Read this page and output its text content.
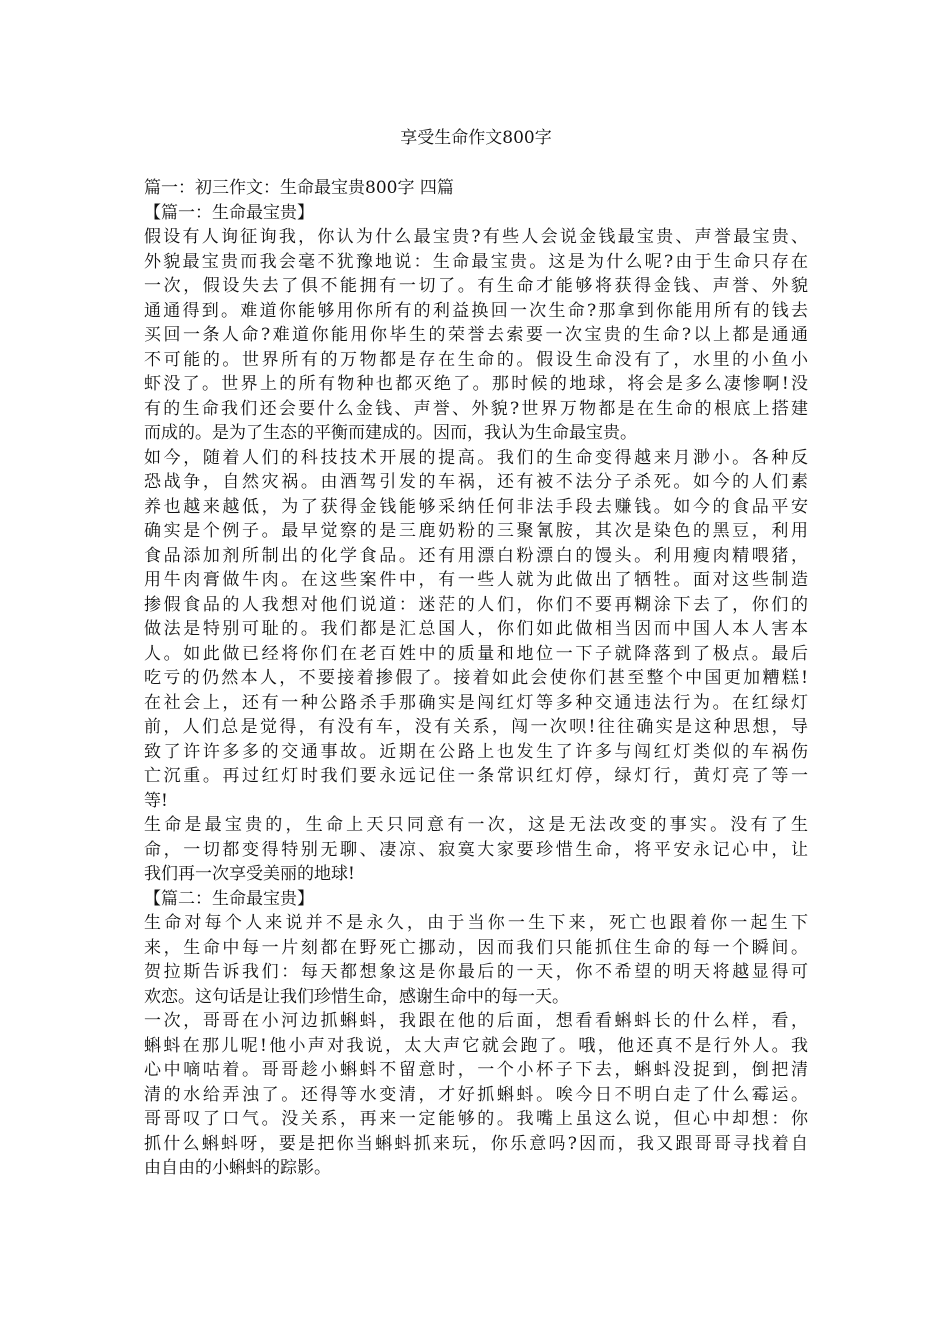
享受生命作文800字
篇一：初三作文：生命最宝贵800字 四篇
【篇一：生命最宝贵】
假设有人询征询我，你认为什么最宝贵?有些人会说金钱最宝贵、声誉最宝贵、
外貌最宝贵而我会毫不犹豫地说：生命最宝贵。这是为什么呢?由于生命只存在
一次，假设失去了俱不能拥有一切了。有生命才能够将获得金钱、声誉、外貌
通通得到。难道你能够用你所有的利益换回一次生命?那拿到你能用所有的钱去
买回一条人命?难道你能用你毕生的荣誉去索要一次宝贵的生命?以上都是通通
不可能的。世界所有的万物都是存在生命的。假设生命没有了，水里的小鱼小
虾没了。世界上的所有物种也都灭绝了。那时候的地球，将会是多么凄惨啊!没
有的生命我们还会要什么金钱、声誉、外貌?世界万物都是在生命的根底上搭建
而成的。是为了生态的平衡而建成的。因而，我认为生命最宝贵。
如今，随着人们的科技技术开展的提高。我们的生命变得越来月渺小。各种反
恐战争，自然灾祸。由酒驾引发的车祸，还有被不法分子杀死。如今的人们素
养也越来越低，为了获得金钱能够采纳任何非法手段去赚钱。如今的食品平安
确实是个例子。最早觉察的是三鹿奶粉的三聚氰胺，其次是染色的黑豆，利用
食品添加剂所制出的化学食品。还有用漂白粉漂白的馒头。利用瘦肉精喂猪，
用牛肉膏做牛肉。在这些案件中，有一些人就为此做出了牺牲。面对这些制造
掺假食品的人我想对他们说道：迷茫的人们，你们不要再糊涂下去了，你们的
做法是特别可耻的。我们都是汇总国人，你们如此做相当因而中国人本人害本
人。如此做已经将你们在老百姓中的质量和地位一下子就降落到了极点。最后
吃亏的仍然本人，不要接着掺假了。接着如此会使你们甚至整个中国更加糟糕!
在社会上，还有一种公路杀手那确实是闯红灯等多种交通违法行为。在红绿灯
前，人们总是觉得，有没有车，没有关系，闯一次呗!往往确实是这种思想，导
致了许许多多的交通事故。近期在公路上也发生了许多与闯红灯类似的车祸伤
亡沉重。再过红灯时我们要永远记住一条常识红灯停，绿灯行，黄灯亮了等一
等!
生命是最宝贵的，生命上天只同意有一次，这是无法改变的事实。没有了生
命，一切都变得特别无聊、凄凉、寂寞大家要珍惜生命，将平安永记心中，让
我们再一次享受美丽的地球!
【篇二：生命最宝贵】
生命对每个人来说并不是永久，由于当你一生下来，死亡也跟着你一起生下
来，生命中每一片刻都在野死亡挪动，因而我们只能抓住生命的每一个瞬间。
贺拉斯告诉我们：每天都想象这是你最后的一天，你不希望的明天将越显得可
欢恋。这句话是让我们珍惜生命，感谢生命中的每一天。
一次，哥哥在小河边抓蝌蚪，我跟在他的后面，想看看蝌蚪长的什么样，看，
蝌蚪在那儿呢!他小声对我说，太大声它就会跑了。哦，他还真不是行外人。我
心中嘀咕着。哥哥趁小蝌蚪不留意时，一个小杯子下去，蝌蚪没捉到，倒把清
清的水给弄浊了。还得等水变清，才好抓蝌蚪。唉今日不明白走了什么霉运。
哥哥叹了口气。没关系，再来一定能够的。我嘴上虽这么说，但心中却想：你
抓什么蝌蚪呀，要是把你当蝌蚪抓来玩，你乐意吗?因而，我又跟哥哥寻找着自
由自由的小蝌蚪的踪影。
